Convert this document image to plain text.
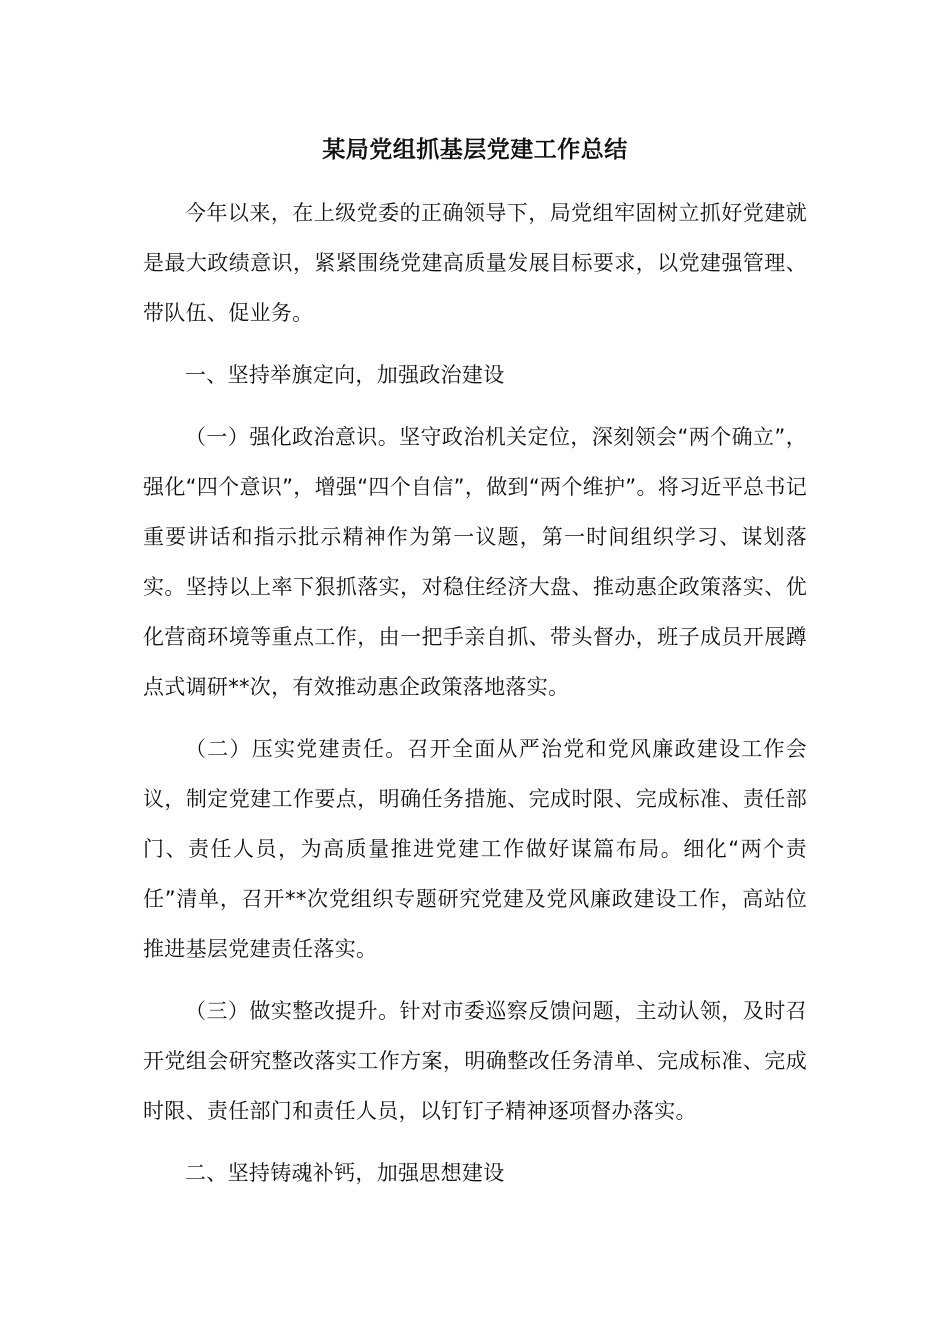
某局党组抓基层党建工作总结

今年以来，在上级党委的正确领导下，局党组牢固树立抓好党建就是最大政绩意识，紧紧围绕党建高质量发展目标要求，以党建强管理、带队伍、促业务。

一、坚持举旗定向，加强政治建设

（一）强化政治意识。坚守政治机关定位，深刻领会“两个确立”，强化“四个意识”，增强“四个自信”，做到“两个维护”。将习近平总书记重要讲话和指示批示精神作为第一议题，第一时间组织学习、谋划落实。坚持以上率下狠抓落实，对稳住经济大盘、推动惠企政策落实、优化营商环境等重点工作，由一把手亲自抓、带头督办，班子成员开展蹲点式调研**次，有效推动惠企政策落地落实。

（二）压实党建责任。召开全面从严治党和党风廉政建设工作会议，制定党建工作要点，明确任务措施、完成时限、完成标准、责任部门、责任人员，为高质量推进党建工作做好谋篇布局。细化“两个责任”清单，召开**次党组织专题研究党建及党风廉政建设工作，高站位推进基层党建责任落实。

（三）做实整改提升。针对市委巡察反馈问题，主动认领，及时召开党组会研究整改落实工作方案，明确整改任务清单、完成标准、完成时限、责任部门和责任人员，以钉钉子精神逐项督办落实。

二、坚持铸魂补钙，加强思想建设
